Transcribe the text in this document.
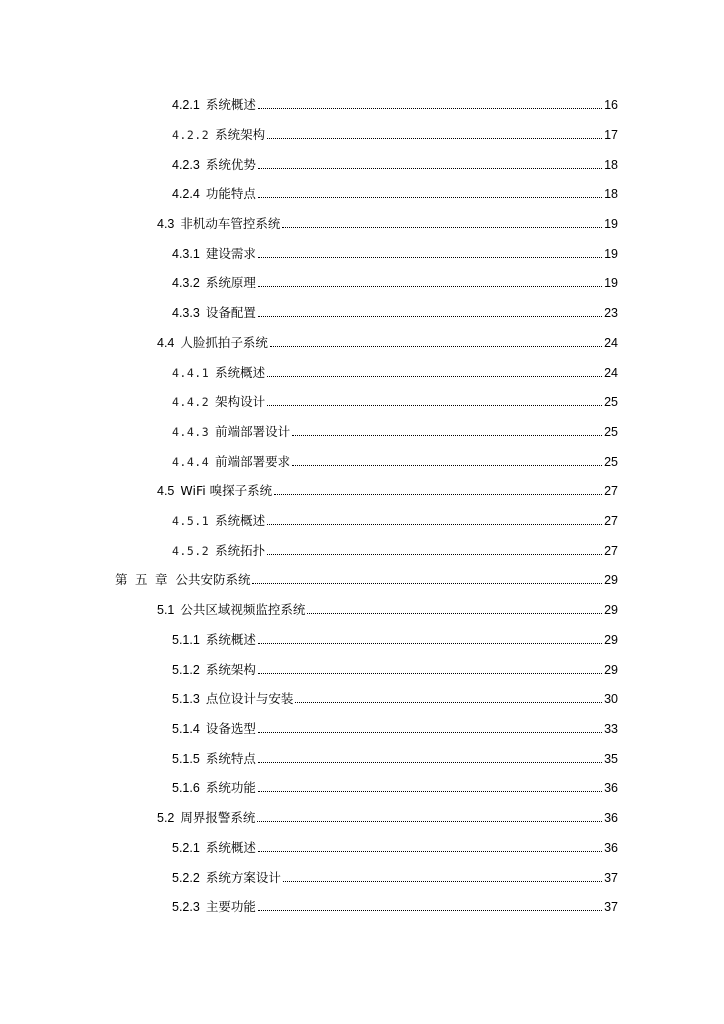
4.2.1 系统概述	16
4.2.2 系统架构	17
4.2.3 系统优势	18
4.2.4 功能特点	18
4.3 非机动车管控系统	19
4.3.1 建设需求	19
4.3.2 系统原理	19
4.3.3 设备配置	23
4.4 人脸抓拍子系统	24
4.4.1 系统概述	24
4.4.2 架构设计	25
4.4.3 前端部署设计	25
4.4.4 前端部署要求	25
4.5 WiFi 嗅探子系统	27
4.5.1 系统概述	27
4.5.2 系统拓扑	27
第 五 章 公共安防系统	29
5.1 公共区域视频监控系统	29
5.1.1 系统概述	29
5.1.2 系统架构	29
5.1.3 点位设计与安装	30
5.1.4 设备选型	33
5.1.5 系统特点	35
5.1.6 系统功能	36
5.2 周界报警系统	36
5.2.1 系统概述	36
5.2.2 系统方案设计	37
5.2.3 主要功能	37
